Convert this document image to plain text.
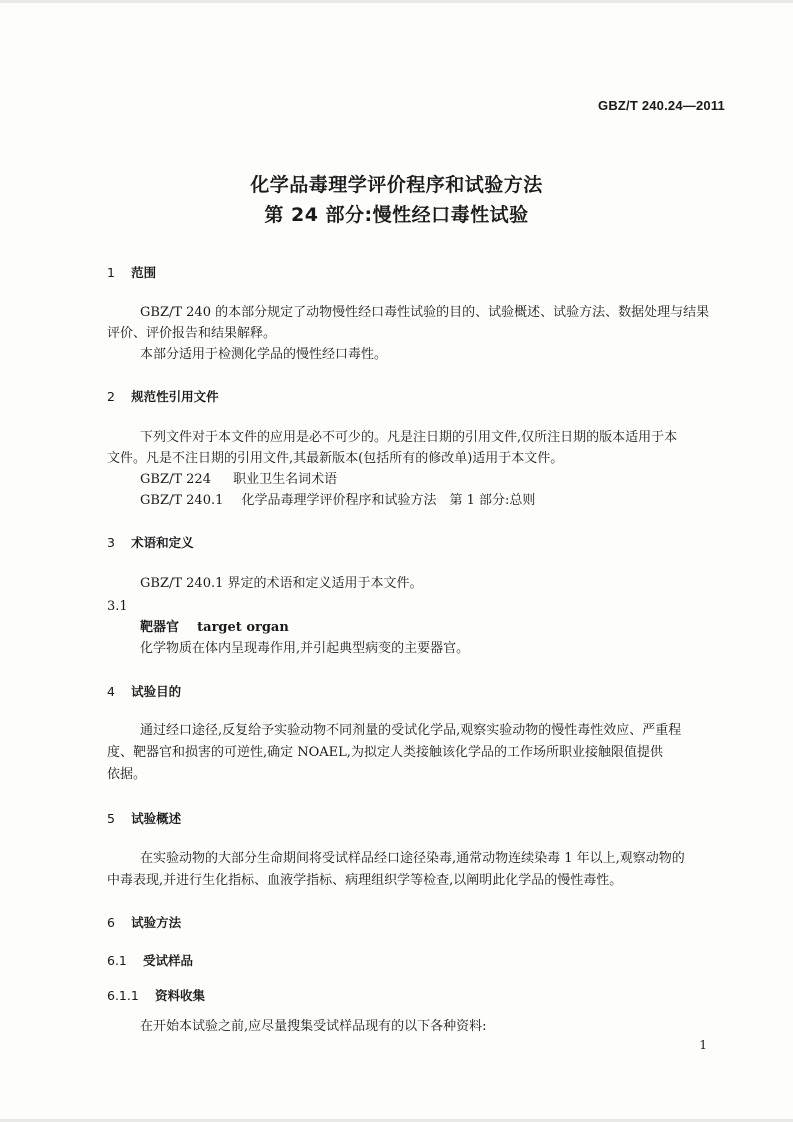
GBZ/T 240.24—2011
化学品毒理学评价程序和试验方法
第 24 部分:慢性经口毒性试验
1 范围
GBZ/T 240 的本部分规定了动物慢性经口毒性试验的目的、试验概述、试验方法、数据处理与结果
评价、评价报告和结果解释。
本部分适用于检测化学品的慢性经口毒性。
2 规范性引用文件
下列文件对于本文件的应用是必不可少的。凡是注日期的引用文件,仅所注日期的版本适用于本
文件。凡是不注日期的引用文件,其最新版本(包括所有的修改单)适用于本文件。
GBZ/T 224 职业卫生名词术语
GBZ/T 240.1 化学品毒理学评价程序和试验方法　第 1 部分:总则
3 术语和定义
GBZ/T 240.1 界定的术语和定义适用于本文件。
3.1
靶器官 target organ
化学物质在体内呈现毒作用,并引起典型病变的主要器官。
4 试验目的
通过经口途径,反复给予实验动物不同剂量的受试化学品,观察实验动物的慢性毒性效应、严重程
度、靶器官和损害的可逆性,确定 NOAEL,为拟定人类接触该化学品的工作场所职业接触限值提供
依据。
5 试验概述
在实验动物的大部分生命期间将受试样品经口途径染毒,通常动物连续染毒 1 年以上,观察动物的
中毒表现,并进行生化指标、血液学指标、病理组织学等检查,以阐明此化学品的慢性毒性。
6 试验方法
6.1 受试样品
6.1.1 资料收集
在开始本试验之前,应尽量搜集受试样品现有的以下各种资料:
1
